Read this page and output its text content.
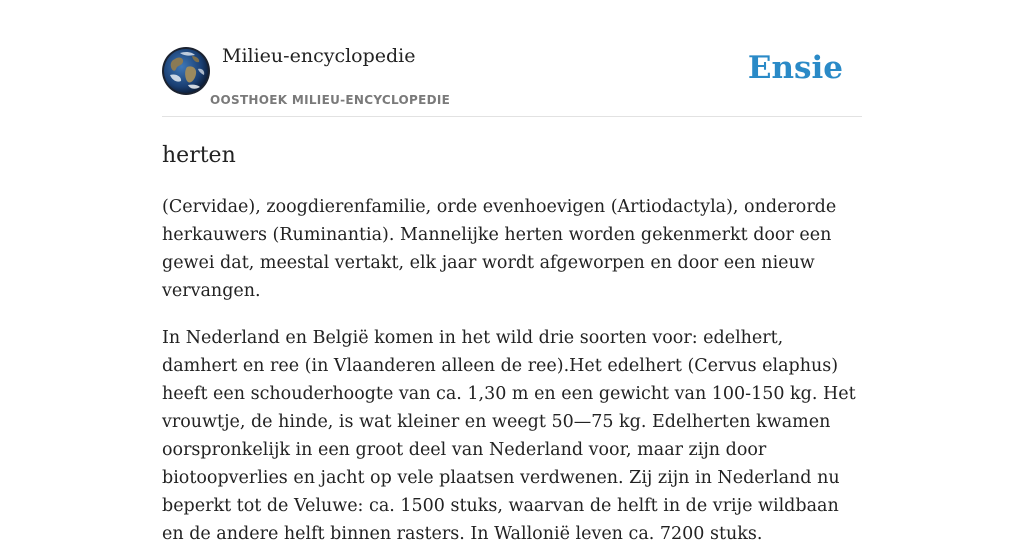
Milieu-encyclopedie
OOSTHOEK MILIEU-ENCYCLOPEDIE
Ensie
herten

(Cervidae), zoogdierenfamilie, orde evenhoevigen (Artiodactyla), onderorde herkauwers (Ruminantia). Mannelijke herten worden gekenmerkt door een gewei dat, meestal vertakt, elk jaar wordt afgeworpen en door een nieuw vervangen.

In Nederland en België komen in het wild drie soorten voor: edelhert, damhert en ree (in Vlaanderen alleen de ree).Het edelhert (Cervus elaphus) heeft een schouderhoogte van ca. 1,30 m en een gewicht van 100-150 kg. Het vrouwtje, de hinde, is wat kleiner en weegt 50—75 kg. Edelherten kwamen oorspronkelijk in een groot deel van Nederland voor, maar zijn door biotoopverlies en jacht op vele plaatsen verdwenen. Zij zijn in Nederland nu beperkt tot de Veluwe: ca. 1500 stuks, waarvan de helft in de vrije wildbaan en de andere helft binnen rasters. In Wallonië leven ca. 7200 stuks.
